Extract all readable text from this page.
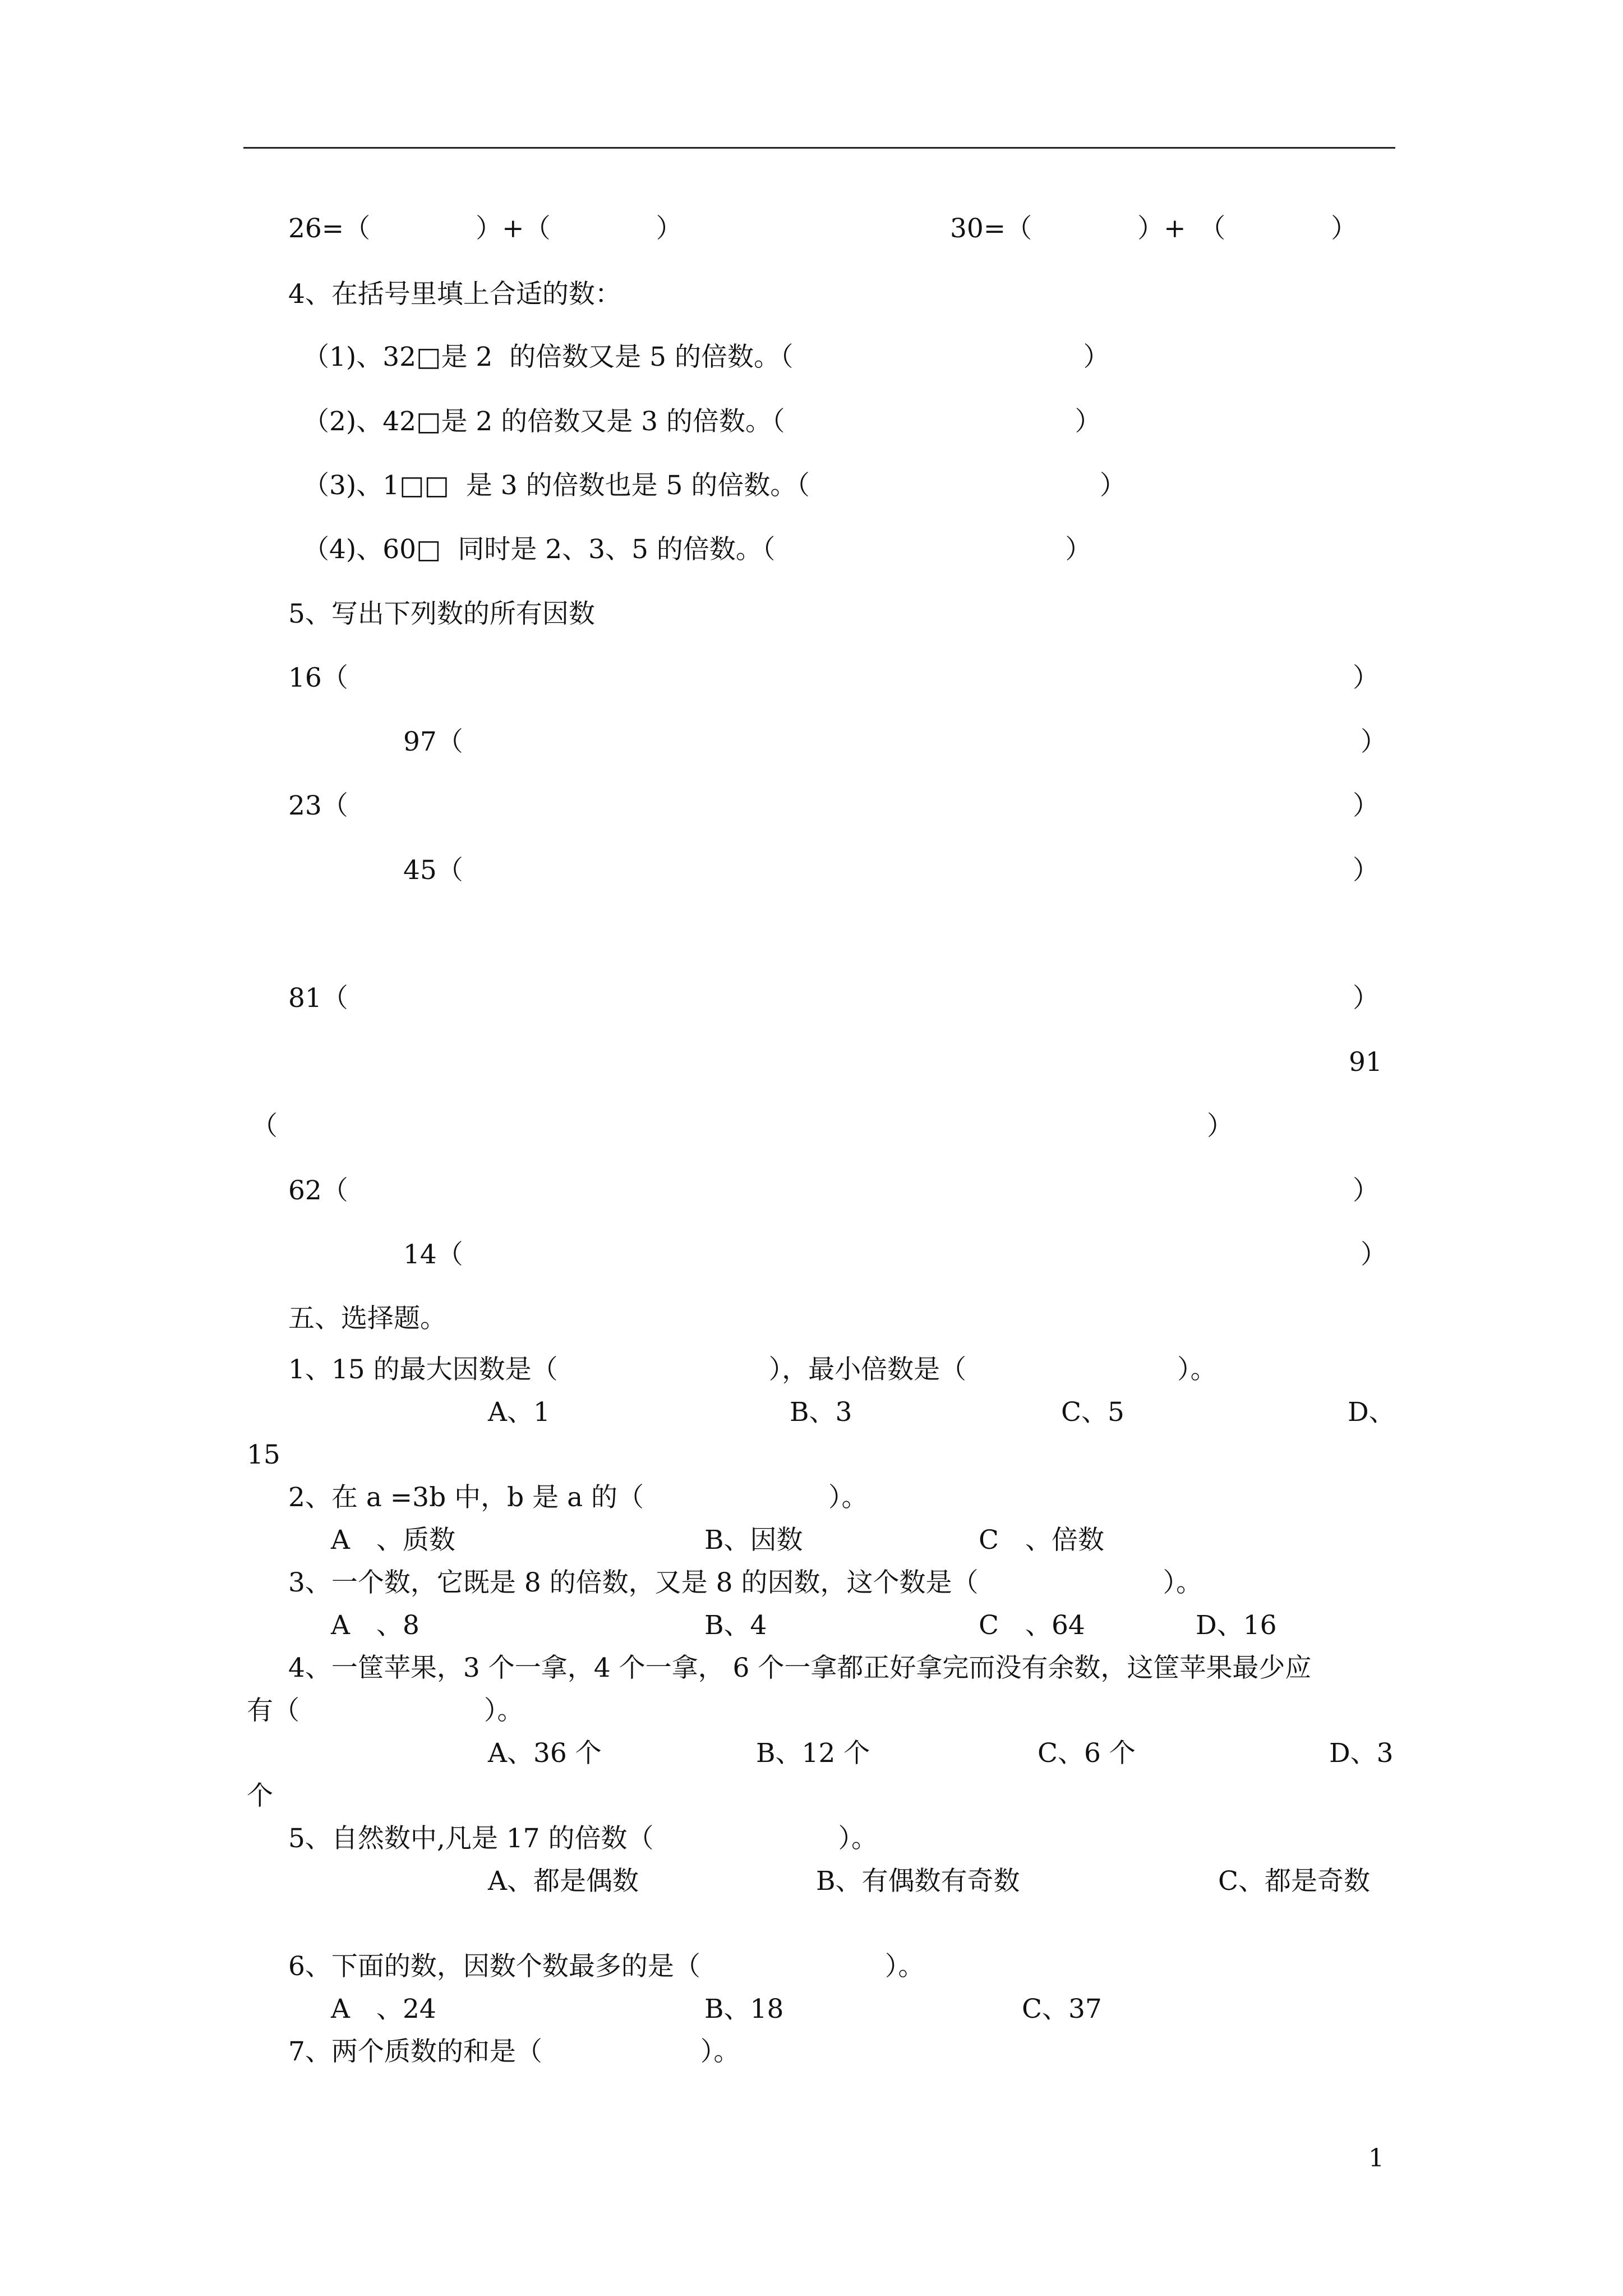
26=（　　　　）+（　　　　）	30=（　　　　）+　（　　　　）
4、在括号里填上合适的数：
（1)、32□是 2  的倍数又是 5 的倍数。（　　　　　　　　　　　）
（2)、42□是 2 的倍数又是 3 的倍数。（　　　　　　　　　　　）
（3)、1□□  是 3 的倍数也是 5 的倍数。（　　　　　　　　　　　）
（4)、60□  同时是 2、3、5 的倍数。（　　　　　　　　　　　）
5、写出下列数的所有因数
16（	）
97（	）
23（	）
45（	）
81（	）
91
（	）
62（	）
14（	）
五、选择题。
1、15 的最大因数是（　　　　　　　　），最小倍数是（　　　　　　　　）。
A、1	B、3	C、5	D、
15
2、在 a =3b 中，b 是 a 的（　　　　　　　）。
A　、质数	B、因数	C　、倍数
3、一个数，它既是 8 的倍数，又是 8 的因数，这个数是（　　　　　　　）。
A　、8	B、4	C　、64	D、16
4、一筐苹果，3 个一拿，4 个一拿， 6 个一拿都正好拿完而没有余数，这筐苹果最少应
有（　　　　　　　）。
A、36 个	B、12 个	C、6 个	D、3
个
5、自然数中,凡是 17 的倍数（　　　　　　　）。
A、都是偶数	B、有偶数有奇数	C、都是奇数
6、下面的数，因数个数最多的是（　　　　　　　）。
A　、24	B、18	C、37
7、两个质数的和是（　　　　　　）。
1
